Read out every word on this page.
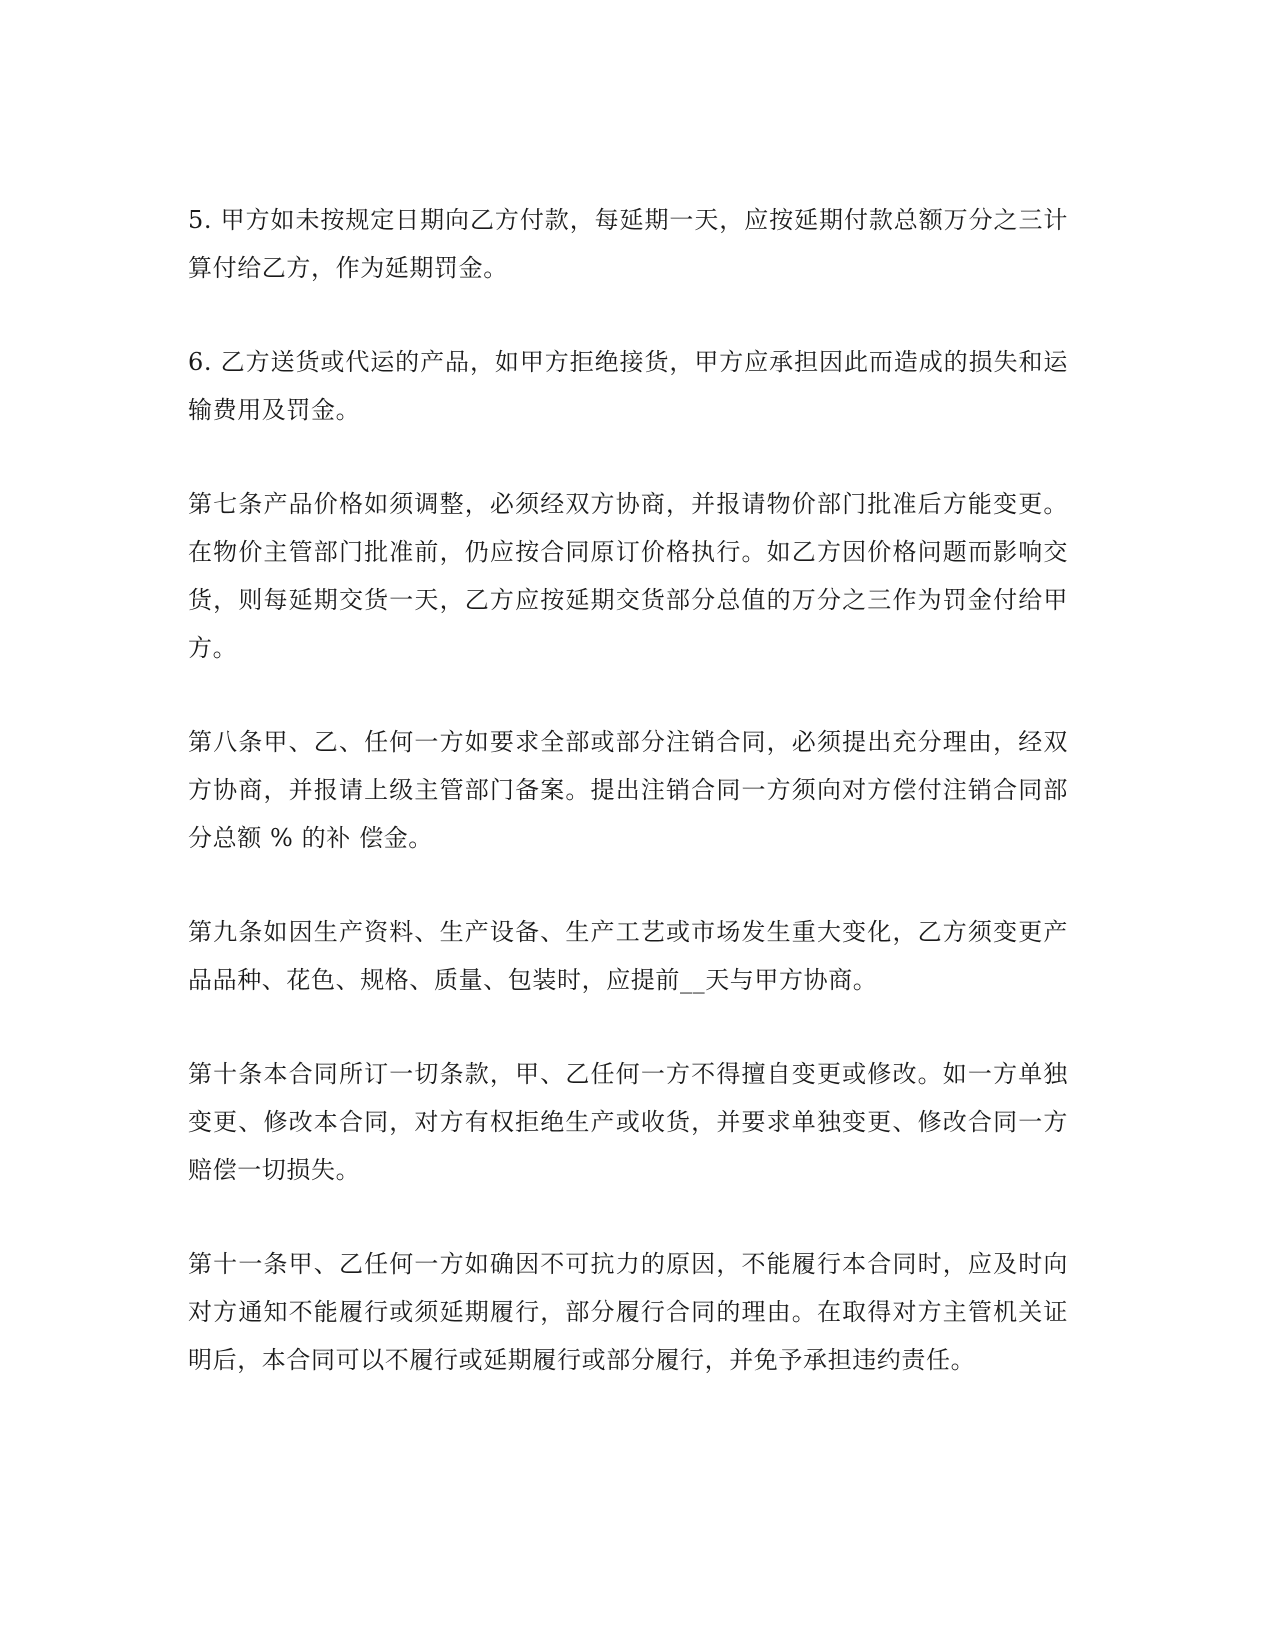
5. 甲方如未按规定日期向乙方付款，每延期一天，应按延期付款总额万分之三计算付给乙方，作为延期罚金。

6. 乙方送货或代运的产品，如甲方拒绝接货，甲方应承担因此而造成的损失和运输费用及罚金。

第七条产品价格如须调整，必须经双方协商，并报请物价部门批准后方能变更。在物价主管部门批准前，仍应按合同原订价格执行。如乙方因价格问题而影响交货，则每延期交货一天，乙方应按延期交货部分总值的万分之三作为罚金付给甲方。

第八条甲、乙、任何一方如要求全部或部分注销合同，必须提出充分理由，经双方协商，并报请上级主管部门备案。提出注销合同一方须向对方偿付注销合同部分总额 % 的补 偿金。

第九条如因生产资料、生产设备、生产工艺或市场发生重大变化，乙方须变更产品品种、花色、规格、质量、包装时，应提前__天与甲方协商。

第十条本合同所订一切条款，甲、乙任何一方不得擅自变更或修改。如一方单独变更、修改本合同，对方有权拒绝生产或收货，并要求单独变更、修改合同一方赔偿一切损失。

第十一条甲、乙任何一方如确因不可抗力的原因，不能履行本合同时，应及时向对方通知不能履行或须延期履行，部分履行合同的理由。在取得对方主管机关证明后，本合同可以不履行或延期履行或部分履行，并免予承担违约责任。
